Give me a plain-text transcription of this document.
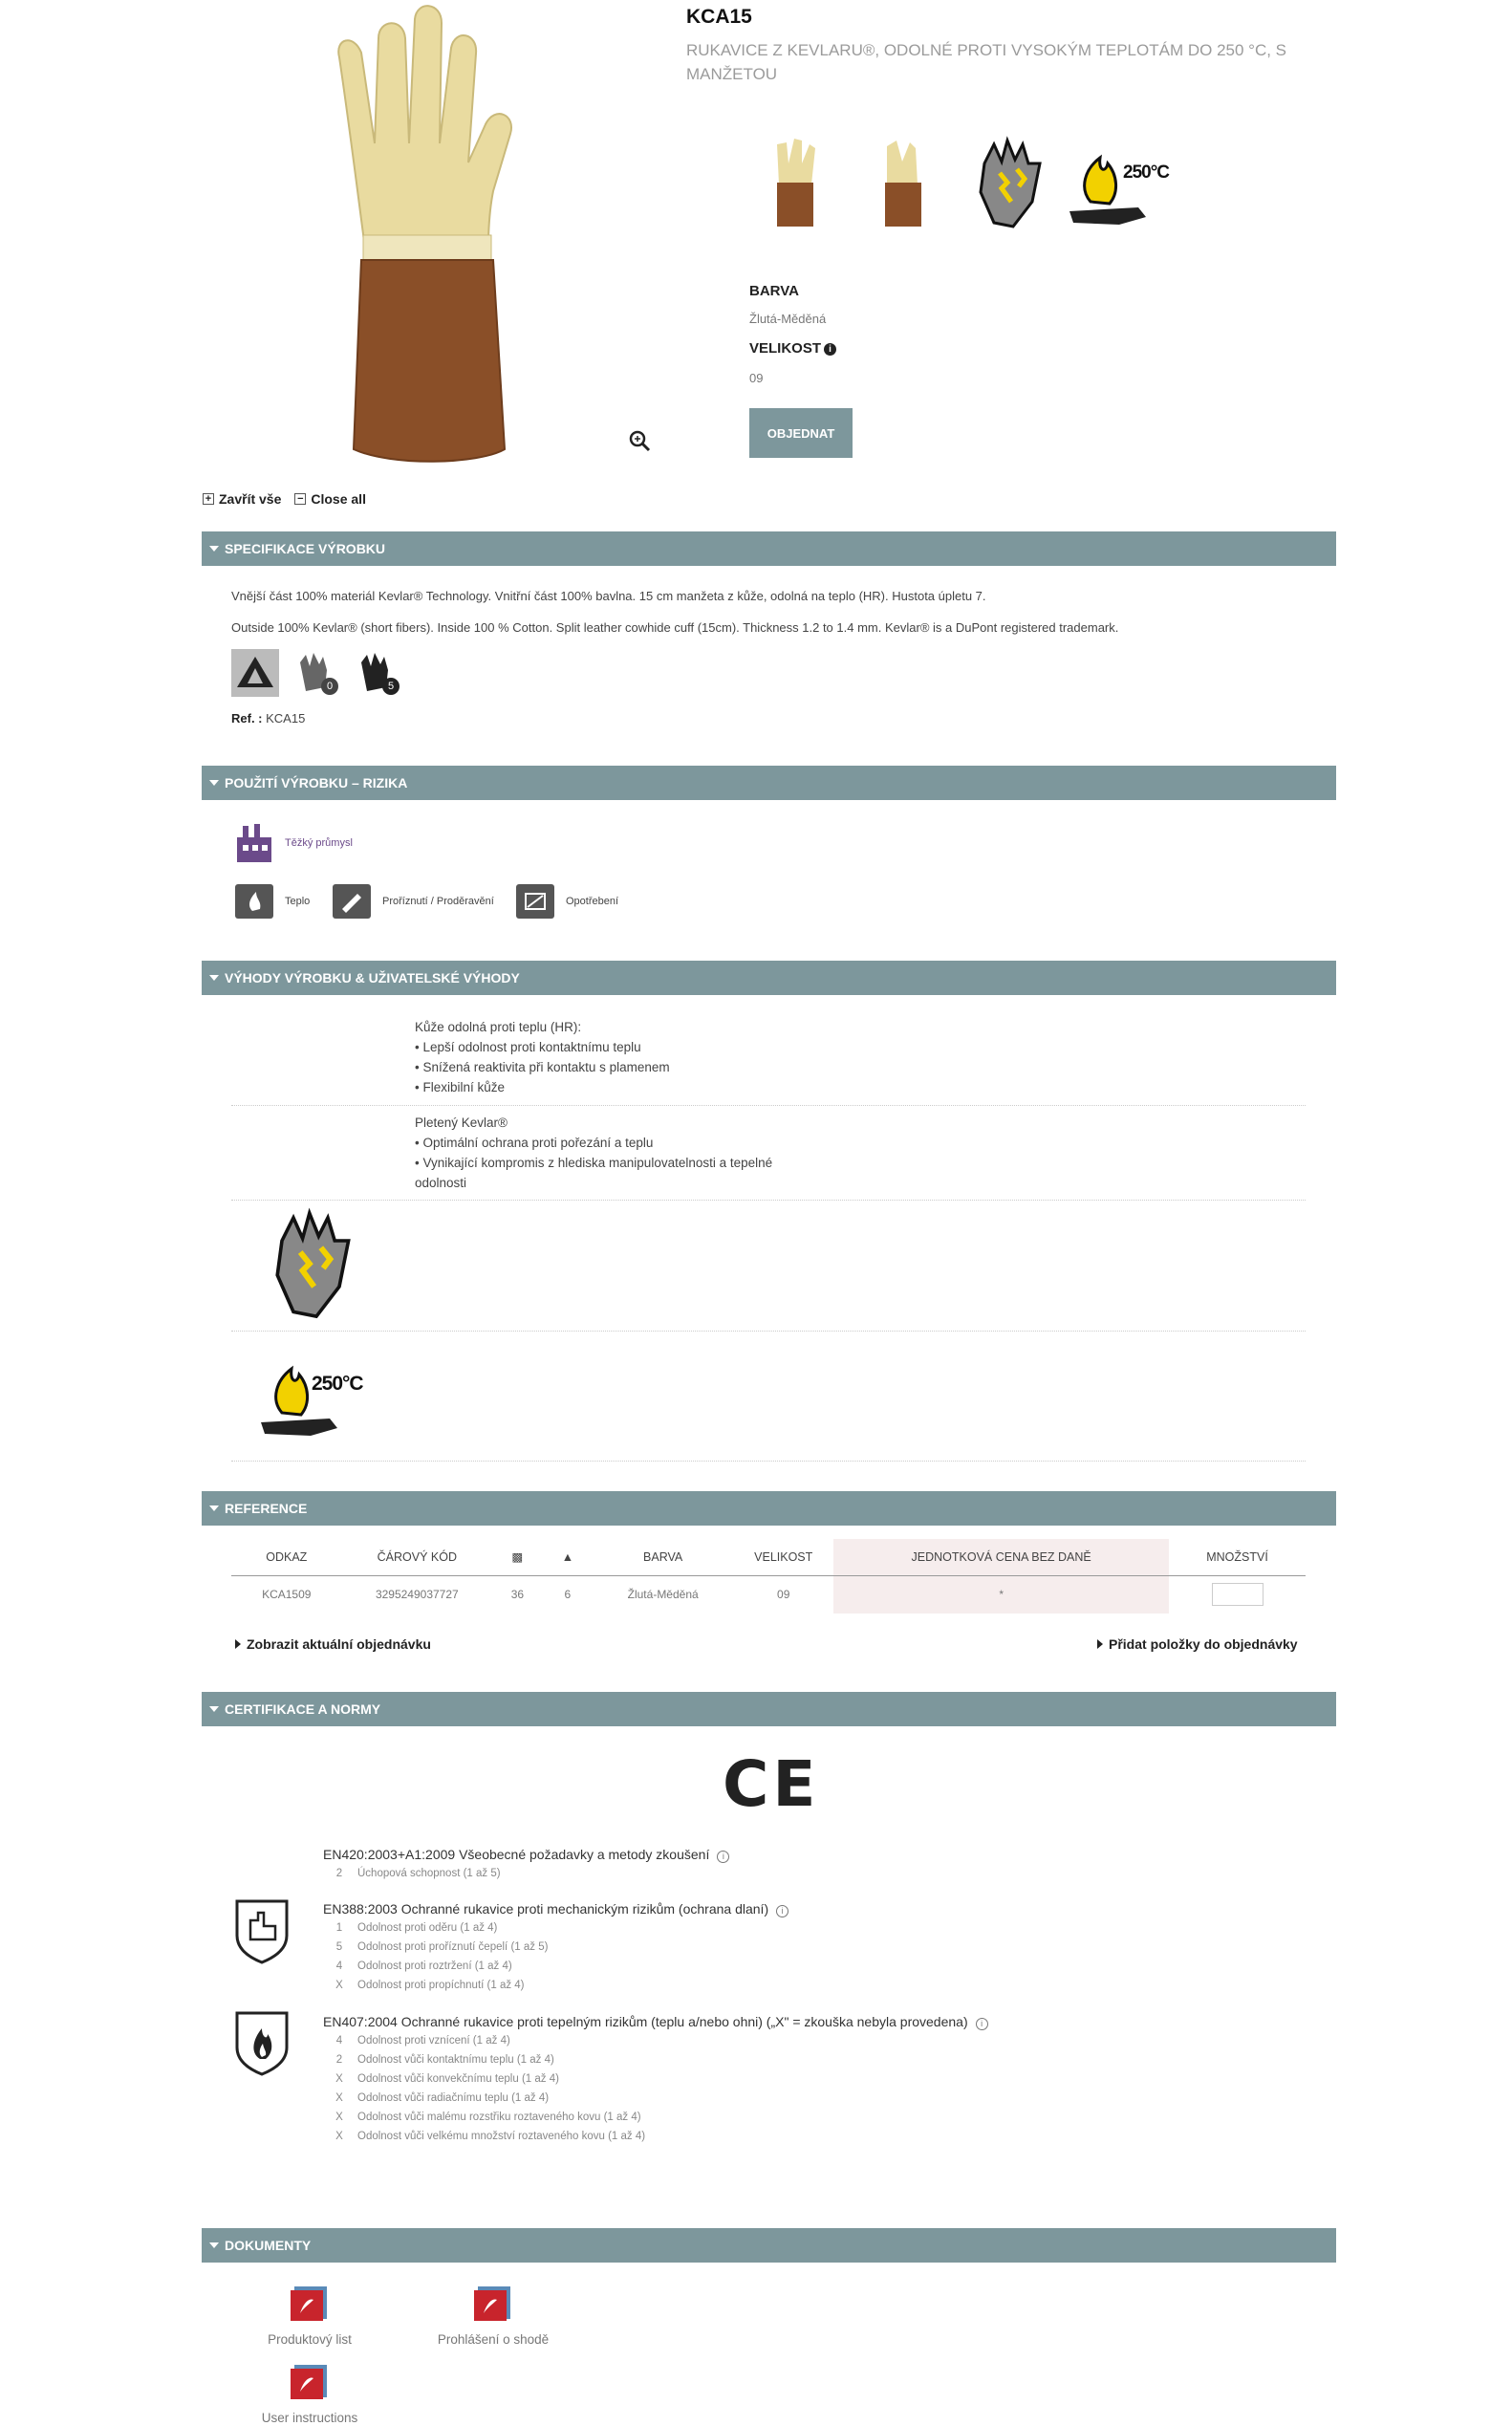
KCA15
RUKAVICE Z KEVLARU®, ODOLNÉ PROTI VYSOKÝM TEPLOTÁM DO 250 °C, S MANŽETOU
250°C
BARVA
Žlutá-Měděná
VELIKOST i
09
OBJEDNAT
+ Zavřít vše − Close all
SPECIFIKACE VÝROBKU
Vnější část 100% materiál Kevlar® Technology. Vnitřní část 100% bavlna. 15 cm manžeta z kůže, odolná na teplo (HR). Hustota úpletu 7.
Outside 100% Kevlar® (short fibers). Inside 100 % Cotton. Split leather cowhide cuff (15cm). Thickness 1.2 to 1.4 mm. Kevlar® is a DuPont registered trademark.
0	5
Ref. : KCA15
POUŽITÍ VÝROBKU – RIZIKA
Těžký průmysl
Teplo	Proříznutí / Proděravění	Opotřebení
VÝHODY VÝROBKU & UŽIVATELSKÉ VÝHODY
Kůže odolná proti teplu (HR):
• Lepší odolnost proti kontaktnímu teplu
• Snížená reaktivita při kontaktu s plamenem
• Flexibilní kůže
Pletený Kevlar®
• Optimální ochrana proti pořezání a teplu
• Vynikající kompromis z hlediska manipulovatelnosti a tepelné odolnosti
250°C
REFERENCE
ODKAZ	ČÁROVÝ KÓD	▩	▲	BARVA	VELIKOST	JEDNOTKOVÁ CENA BEZ DANĚ	MNOŽSTVÍ
KCA1509	3295249037727	36	6	Žlutá-Měděná	09	*	
Zobrazit aktuální objednávku	Přidat položky do objednávky
CERTIFIKACE A NORMY
CE
EN420:2003+A1:2009 Všeobecné požadavky a metody zkoušení i
2 Úchopová schopnost (1 až 5)
EN388:2003 Ochranné rukavice proti mechanickým rizikům (ochrana dlaní) i
1 Odolnost proti oděru (1 až 4)
5 Odolnost proti proříznutí čepelí (1 až 5)
4 Odolnost proti roztržení (1 až 4)
X Odolnost proti propíchnutí (1 až 4)
EN407:2004 Ochranné rukavice proti tepelným rizikům (teplu a/nebo ohni) („X" = zkouška nebyla provedena) i
4 Odolnost proti vznícení (1 až 4)
2 Odolnost vůči kontaktnímu teplu (1 až 4)
X Odolnost vůči konvekčnímu teplu (1 až 4)
X Odolnost vůči radiačnímu teplu (1 až 4)
X Odolnost vůči malému rozstřiku roztaveného kovu (1 až 4)
X Odolnost vůči velkému množství roztaveného kovu (1 až 4)
DOKUMENTY
Produktový list	Prohlášení o shodě
User instructions
